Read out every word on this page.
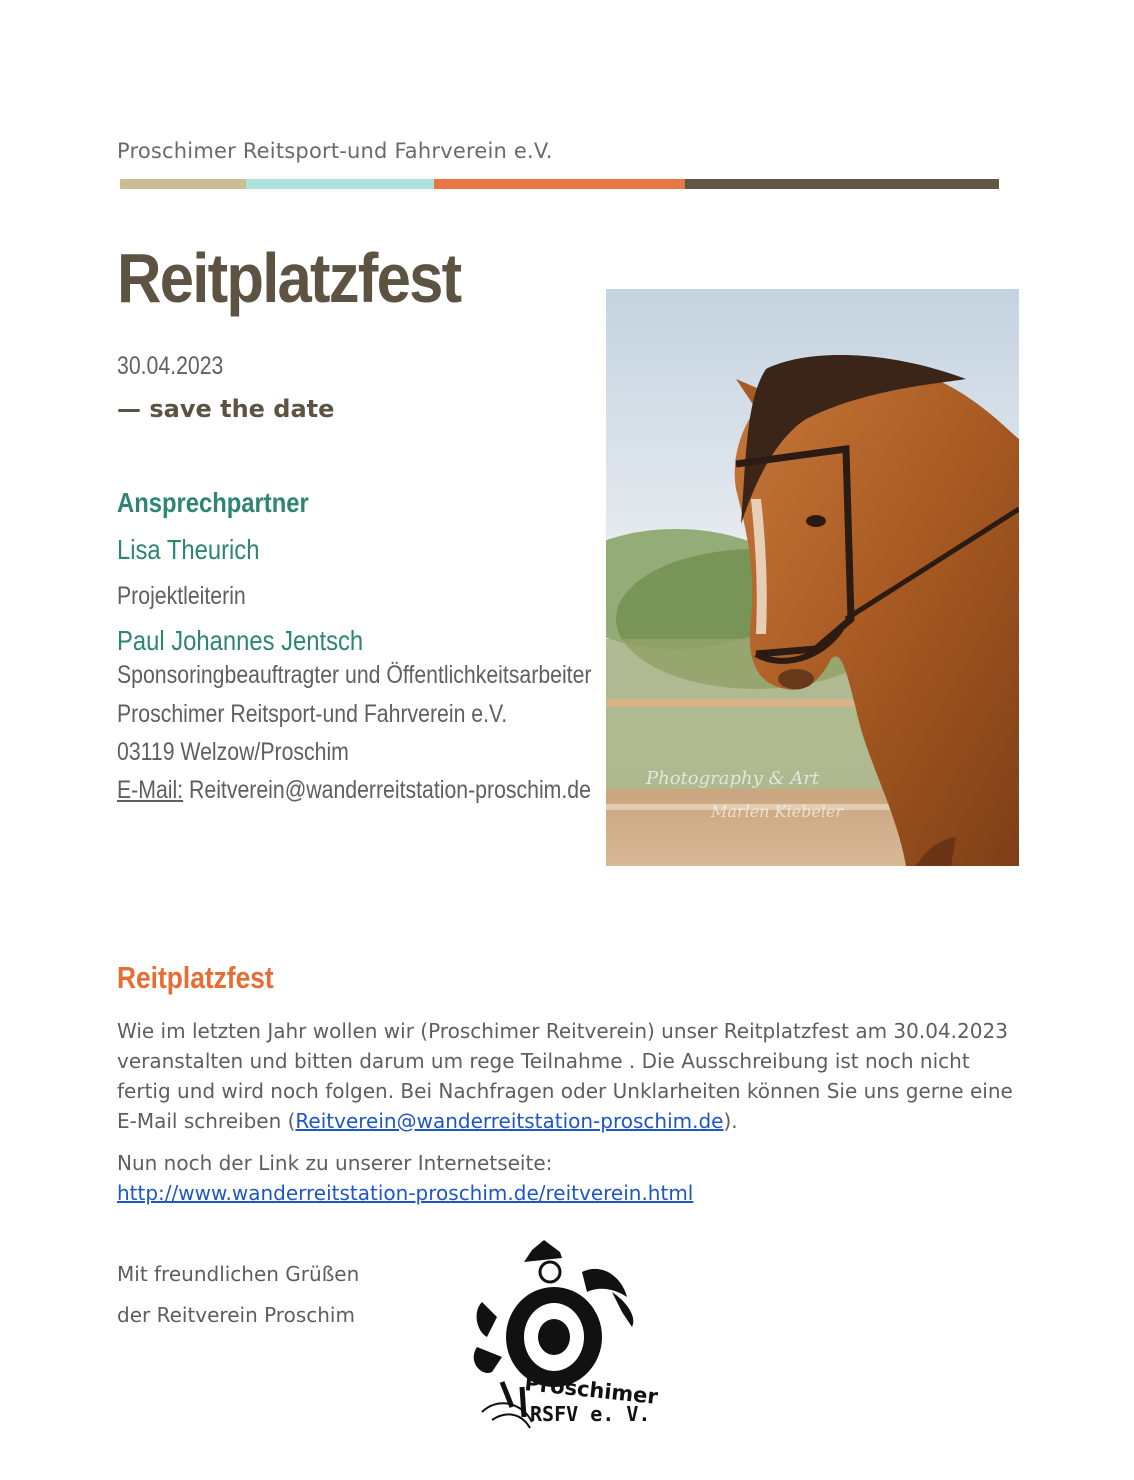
Proschimer Reitsport-und Fahrverein e.V.
Reitplatzfest
30.04.2023
— save the date
Ansprechpartner
Lisa Theurich
Projektleiterin
Paul Johannes Jentsch
Sponsoringbeauftragter und Öffentlichkeitsarbeiter
Proschimer Reitsport-und Fahrverein e.V.
03119 Welzow/Proschim
E-Mail: Reitverein@wanderreitstation-proschim.de	Photography & Art
Marlen Kiebeler
Reitplatzfest
Wie im letzten Jahr wollen wir (Proschimer Reitverein) unser Reitplatzfest am 30.04.2023 veranstalten und bitten darum um rege Teilnahme . Die Ausschreibung ist noch nicht fertig und wird noch folgen. Bei Nachfragen oder Unklarheiten können Sie uns gerne eine E-Mail schreiben (Reitverein@wanderreitstation-proschim.de).
Nun noch der Link zu unserer Internetseite:
http://www.wanderreitstation-proschim.de/reitverein.html
Mit freundlichen Grüßen
der Reitverein Proschim
Proschimer
RSFV e. V.
